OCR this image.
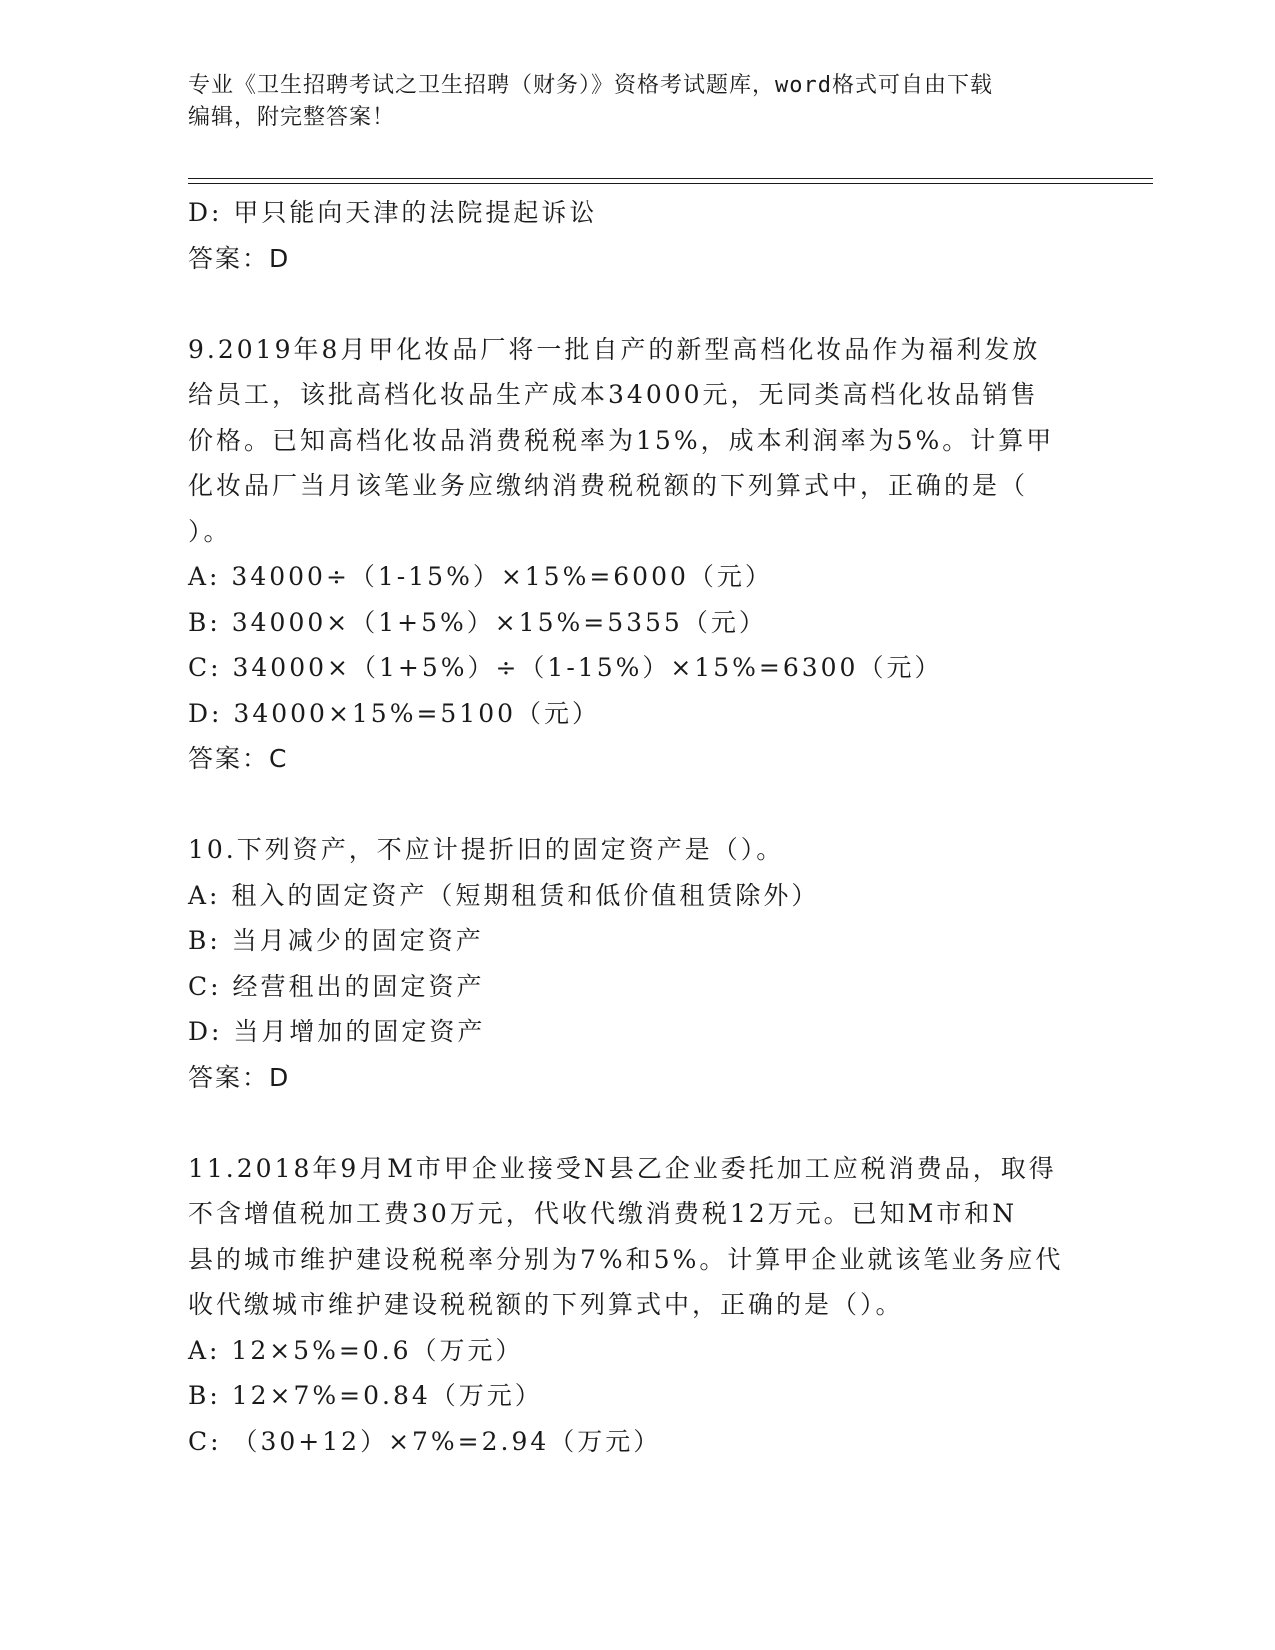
专业《卫生招聘考试之卫生招聘（财务）》资格考试题库，word格式可自由下载
编辑，附完整答案！
D: 甲只能向天津的法院提起诉讼
答案：D
9.2019年8月甲化妆品厂将一批自产的新型高档化妆品作为福利发放
给员工，该批高档化妆品生产成本34000元，无同类高档化妆品销售
价格。已知高档化妆品消费税税率为15%，成本利润率为5%。计算甲
化妆品厂当月该笔业务应缴纳消费税税额的下列算式中，正确的是（
）。
A: 34000÷（1-15%）×15%=6000（元）
B: 34000×（1+5%）×15%=5355（元）
C: 34000×（1+5%）÷（1-15%）×15%=6300（元）
D: 34000×15%=5100（元）
答案：C
10.下列资产，不应计提折旧的固定资产是（）。
A: 租入的固定资产（短期租赁和低价值租赁除外）
B: 当月减少的固定资产
C: 经营租出的固定资产
D: 当月增加的固定资产
答案：D
11.2018年9月M市甲企业接受N县乙企业委托加工应税消费品，取得
不含增值税加工费30万元，代收代缴消费税12万元。已知M市和N
县的城市维护建设税税率分别为7%和5%。计算甲企业就该笔业务应代
收代缴城市维护建设税税额的下列算式中，正确的是（）。
A: 12×5%=0.6（万元）
B: 12×7%=0.84（万元）
C: （30+12）×7%=2.94（万元）
